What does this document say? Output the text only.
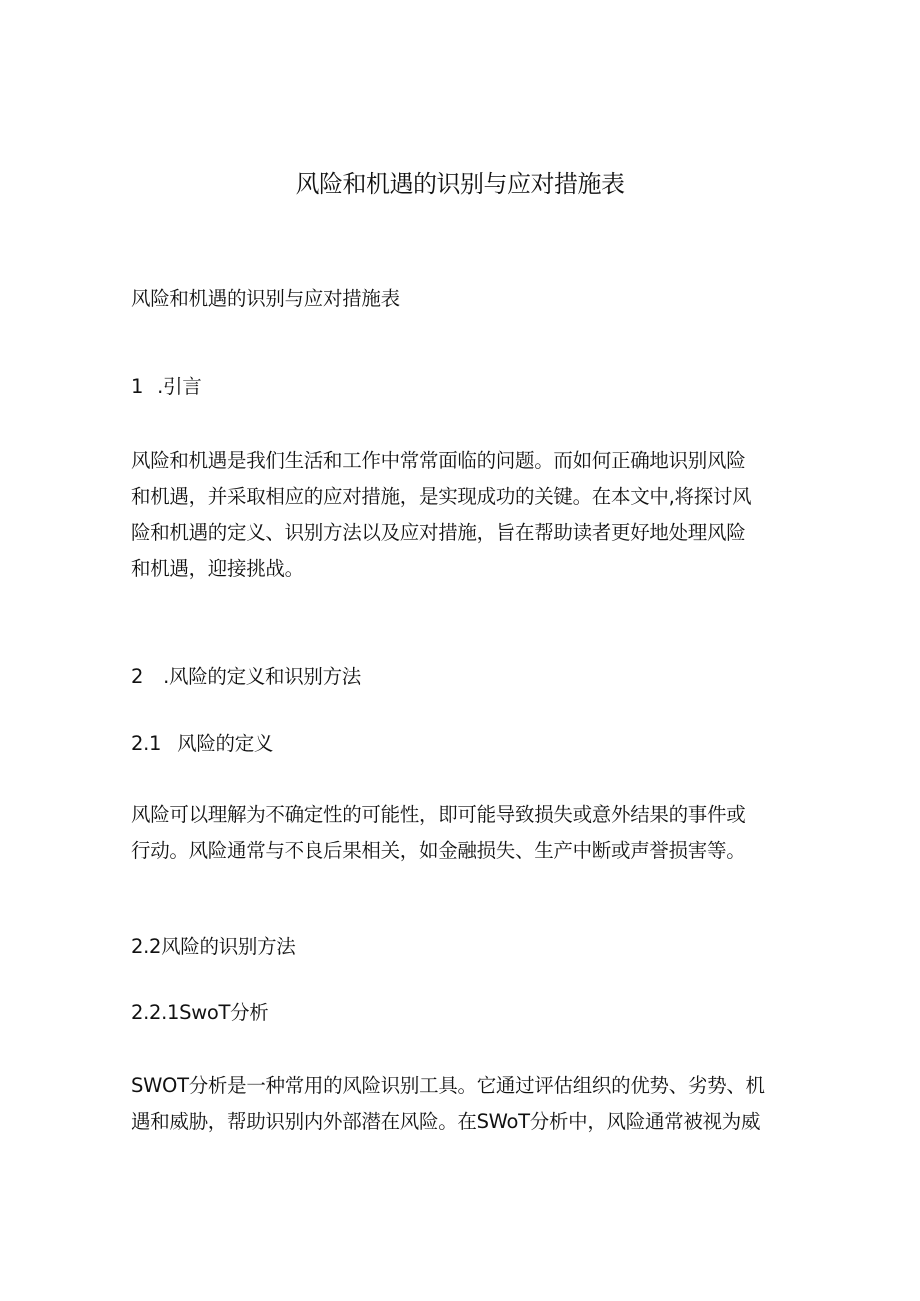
风险和机遇的识别与应对措施表
风险和机遇的识别与应对措施表
1 .引言
风险和机遇是我们生活和工作中常常面临的问题。而如何正确地识别风险
和机遇，并采取相应的应对措施，是实现成功的关键。在本文中,将探讨风
险和机遇的定义、识别方法以及应对措施，旨在帮助读者更好地处理风险
和机遇，迎接挑战。
2 .风险的定义和识别方法
2.1 风险的定义
风险可以理解为不确定性的可能性，即可能导致损失或意外结果的事件或
行动。风险通常与不良后果相关，如金融损失、生产中断或声誉损害等。
2.2风险的识别方法
2.2.1SwoT分析
SWOT分析是一种常用的风险识别工具。它通过评估组织的优势、劣势、机
遇和威胁，帮助识别内外部潜在风险。在SWoT分析中，风险通常被视为威
